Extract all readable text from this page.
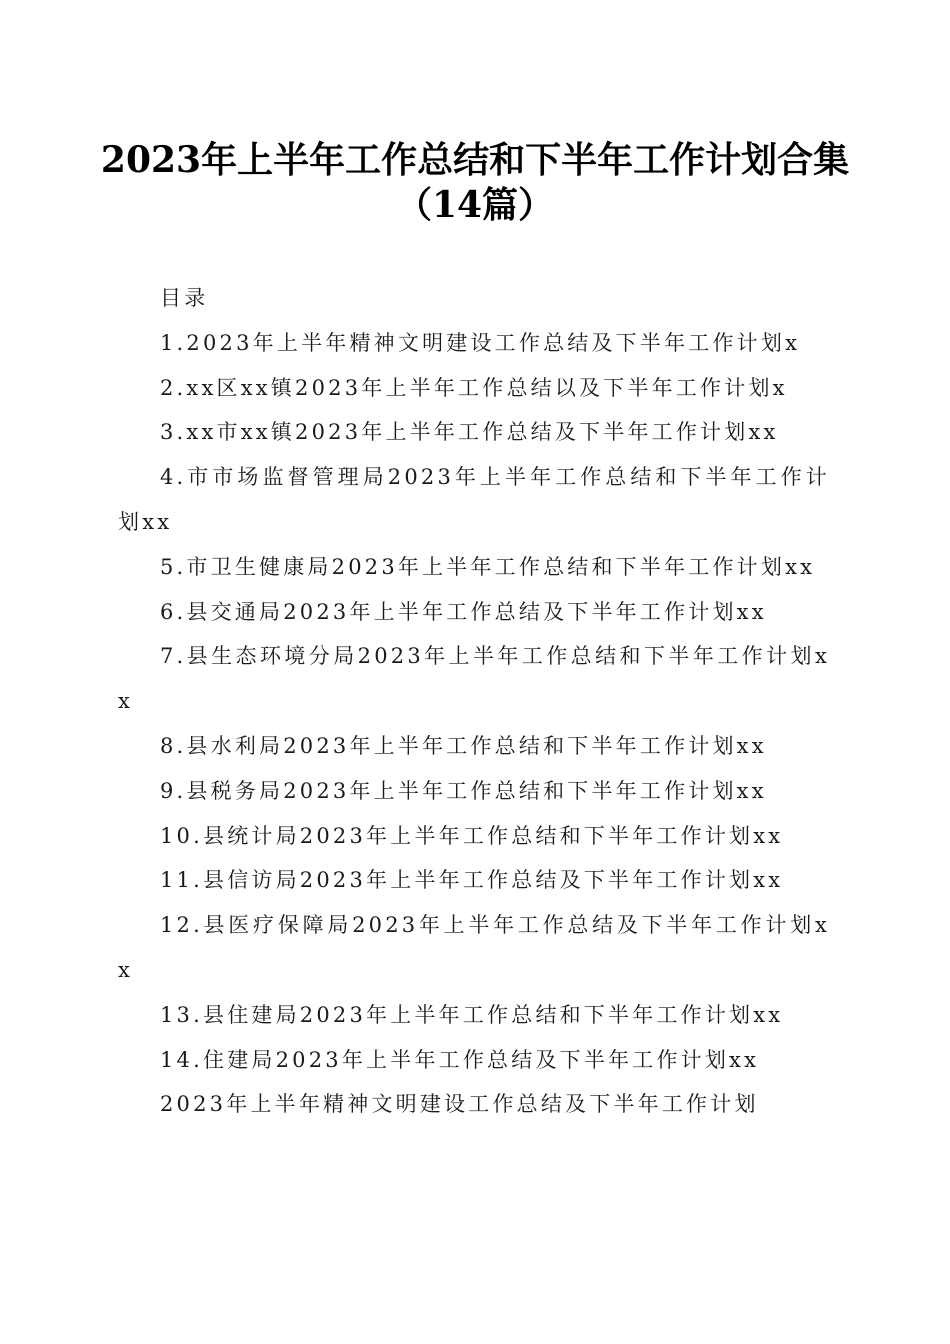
2023年上半年工作总结和下半年工作计划合集（14篇）

目录

1.2023年上半年精神文明建设工作总结及下半年工作计划x

2.xx区xx镇2023年上半年工作总结以及下半年工作计划x

3.xx市xx镇2023年上半年工作总结及下半年工作计划xx

4.市市场监督管理局2023年上半年工作总结和下半年工作计划xx

5.市卫生健康局2023年上半年工作总结和下半年工作计划xx

6.县交通局2023年上半年工作总结及下半年工作计划xx

7.县生态环境分局2023年上半年工作总结和下半年工作计划xx

8.县水利局2023年上半年工作总结和下半年工作计划xx

9.县税务局2023年上半年工作总结和下半年工作计划xx

10.县统计局2023年上半年工作总结和下半年工作计划xx

11.县信访局2023年上半年工作总结及下半年工作计划xx

12.县医疗保障局2023年上半年工作总结及下半年工作计划xx

13.县住建局2023年上半年工作总结和下半年工作计划xx

14.住建局2023年上半年工作总结及下半年工作计划xx

2023年上半年精神文明建设工作总结及下半年工作计划
